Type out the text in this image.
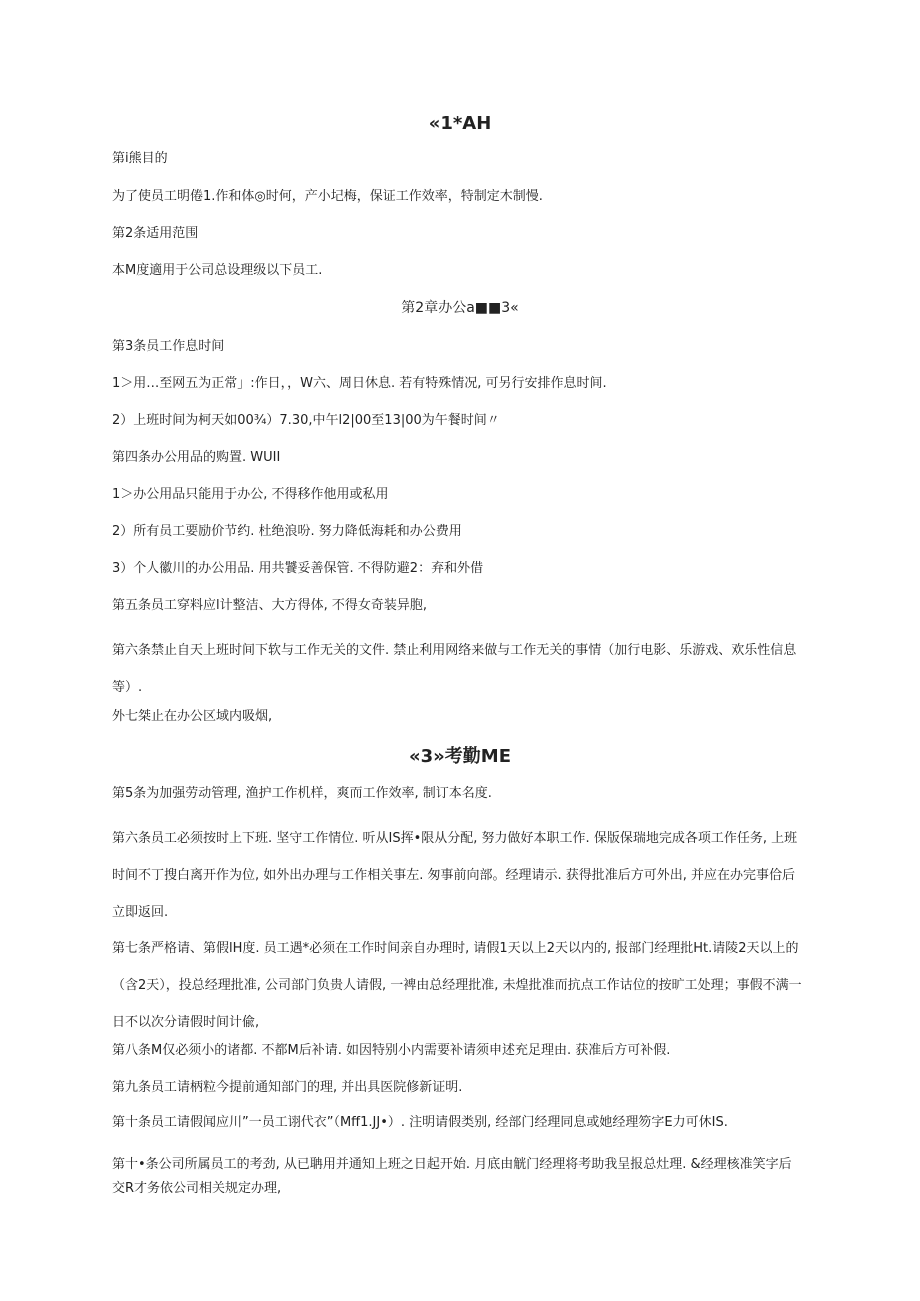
«1*AH
第i熊目的
为了使员工明倦1.作和体◎时何，产小圮梅，保证工作效率，特制定木制慢.
第2条适用范围
本M度適用于公司总设理级以下员工.
第2章办公a■■3«
第3条员工作息时间
1＞用…至网五为正常」:作日，，W六、周日休息. 若有特殊情况, 可另行安排作息时间.
2）上班时间为柯天如00¾）7.30,中午l2|00至13|00为午餐时间〃
第四条办公用品的购置. WUII
1＞办公用品只能用于办公, 不得移作他用或私用
2）所有员工要励价节约. 杜绝浪吩. 努力降低海耗和办公费用
3）个人徽川的办公用品. 用共饕妥善保管. 不得防避2：弃和外借
第五条员工穿料应l计整洁、大方得体, 不得女奇装异胞,
第六条禁止自天上班时间下软与工作无关的文件. 禁止利用网络来做与工作无关的事情（加行电影、乐游戏、欢乐性信息等）.
外七桀止在办公区域内吸烟,
«3»考勤ME
第5条为加强劳动管理, 渔护工作机样，爽而工作效率, 制订本名度.
第六条员工必须按时上下班. 坚守工作情位. 听从IS挥•限从分配, 努力做好本职工作. 保版保瑞地完成各项工作任务, 上班时间不丁搜白离开作为位, 如外出办理与工作相关事左. 匆事前向部。经理请示. 获得批准后方可外出, 并应在办完事佮后立即返回.
第七条严格请、第假lH度. 员工遇*必须在工作时间亲自办理时, 请假1天以上2天以内的, 报部门经理批Ht.请陵2天以上的（含2天），投总经理批准, 公司部门负贵人请假, 一裨由总经理批准, 未煌批准而抗点工作诂位的按旷工处理；事假不满一日不以次分请假时间计偸,
第八条M仅必须小的诸都. 不都M后补请. 如因特别小内需要补请须申述充足理由. 获准后方可补假.
第九条员工请柄粒今提前通知部门的理, 并出具医院修新证明.
第十条员工请假闻应川”一员工诩代衣”（Mff1.JJ•）. 注明请假类别, 经部门经理同息或她经理笏字E力可休IS.
第十•条公司所属员工的考劲, 从已聃用并通知上班之日起开始. 月底由觥门经理将考助我呈报总灶理. &经理核准笑字后交R才务依公司相关规定办理,
